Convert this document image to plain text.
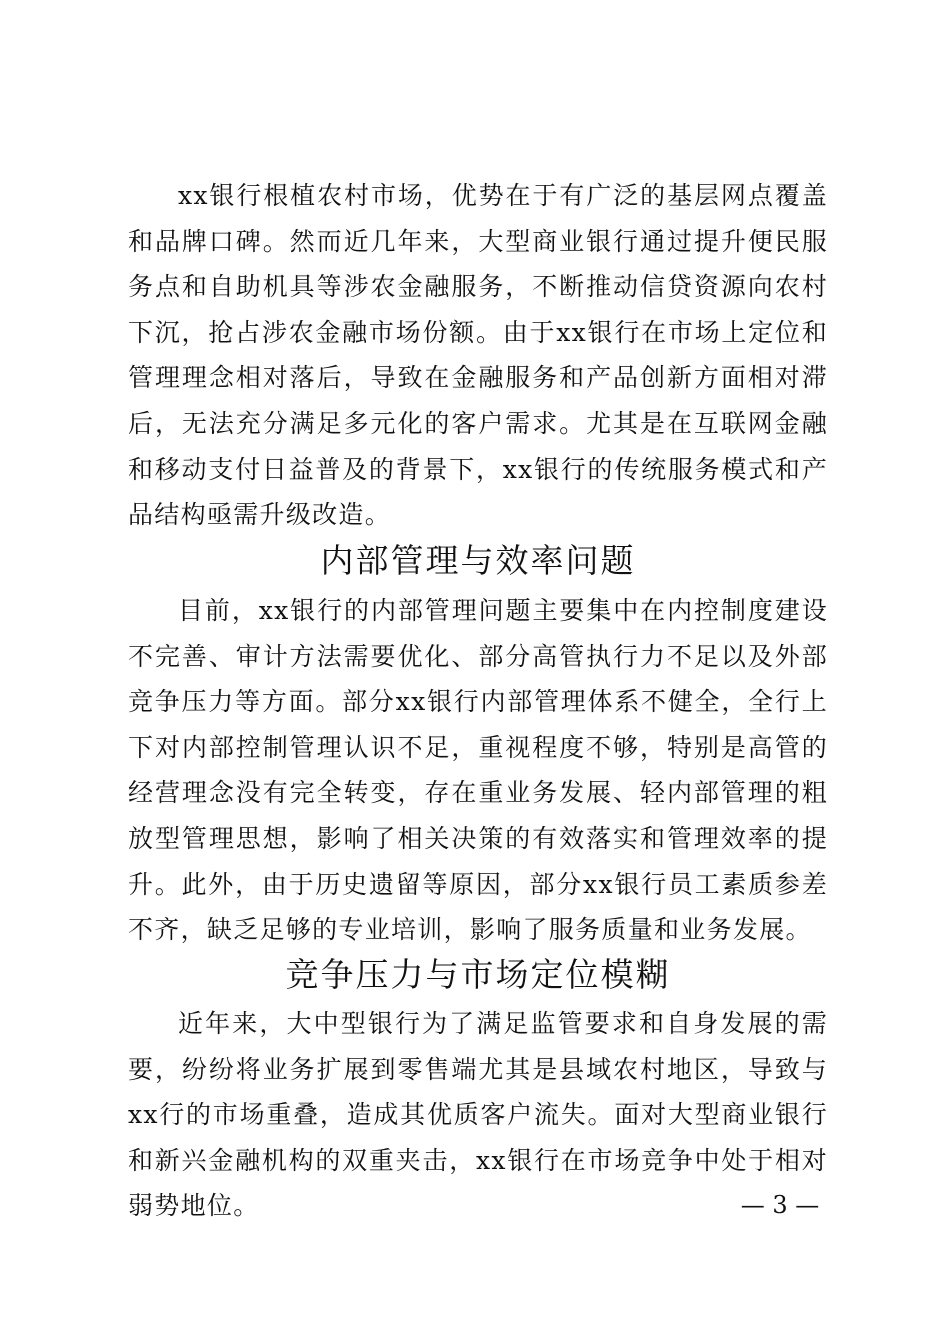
xx银行根植农村市场，优势在于有广泛的基层网点覆盖和品牌口碑。然而近几年来，大型商业银行通过提升便民服务点和自助机具等涉农金融服务，不断推动信贷资源向农村下沉，抢占涉农金融市场份额。由于xx银行在市场上定位和管理理念相对落后，导致在金融服务和产品创新方面相对滞后，无法充分满足多元化的客户需求。尤其是在互联网金融和移动支付日益普及的背景下，xx银行的传统服务模式和产品结构亟需升级改造。

内部管理与效率问题

目前，xx银行的内部管理问题主要集中在内控制度建设不完善、审计方法需要优化、部分高管执行力不足以及外部竞争压力等方面。部分xx银行内部管理体系不健全，全行上下对内部控制管理认识不足，重视程度不够，特别是高管的经营理念没有完全转变，存在重业务发展、轻内部管理的粗放型管理思想，影响了相关决策的有效落实和管理效率的提升。此外，由于历史遗留等原因，部分xx银行员工素质参差不齐，缺乏足够的专业培训，影响了服务质量和业务发展。

竞争压力与市场定位模糊

近年来，大中型银行为了满足监管要求和自身发展的需要，纷纷将业务扩展到零售端尤其是县域农村地区，导致与xx行的市场重叠，造成其优质客户流失。面对大型商业银行和新兴金融机构的双重夹击，xx银行在市场竞争中处于相对弱势地位。	— 3 —
